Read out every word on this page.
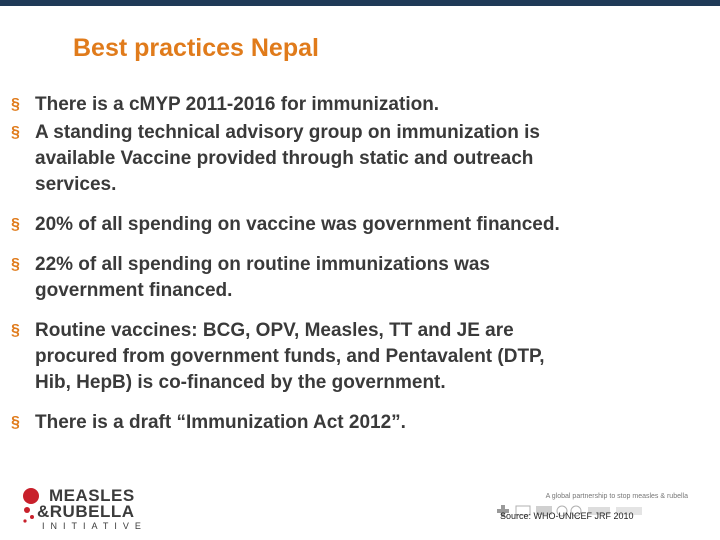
Best practices Nepal
§ There is a cMYP 2011-2016 for immunization.
§ A standing technical advisory group on immunization is
available Vaccine provided through static and outreach
services.
§ 20% of all spending on vaccine was government financed.
§ 22% of all spending on routine immunizations was
government financed.
§ Routine vaccines: BCG, OPV, Measles, TT and JE are
procured from government funds, and Pentavalent (DTP,
Hib, HepB) is co-financed by the government.
§ There is a draft “Immunization Act 2012”.
MEASLES
&RUBELLA
INITIATIVE
A global partnership to stop measles & rubella
Source: WHO-UNICEF JRF 2010
